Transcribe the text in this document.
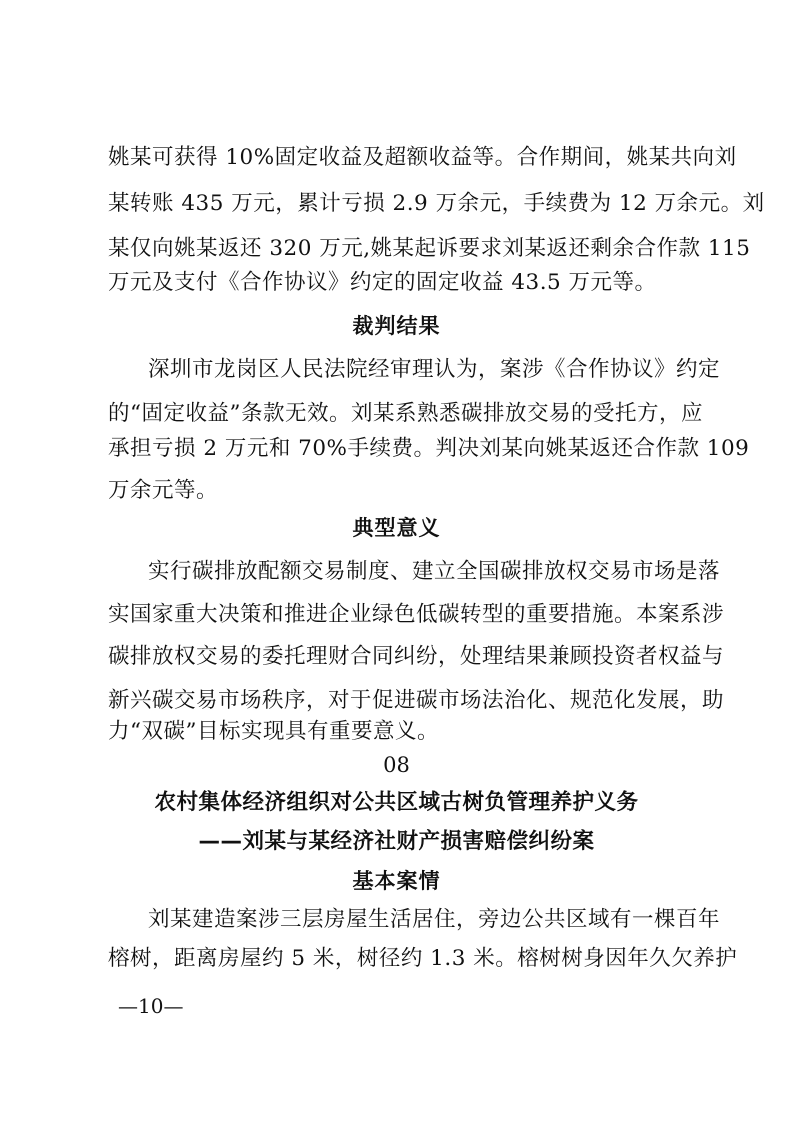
姚某可获得 10%固定收益及超额收益等。合作期间，姚某共向刘
某转账 435 万元，累计亏损 2.9 万余元，手续费为 12 万余元。刘
某仅向姚某返还 320 万元,姚某起诉要求刘某返还剩余合作款 115
万元及支付《合作协议》约定的固定收益 43.5 万元等。
裁判结果
深圳市龙岗区人民法院经审理认为，案涉《合作协议》约定
的“固定收益”条款无效。刘某系熟悉碳排放交易的受托方，应
承担亏损 2 万元和 70%手续费。判决刘某向姚某返还合作款 109
万余元等。
典型意义
实行碳排放配额交易制度、建立全国碳排放权交易市场是落
实国家重大决策和推进企业绿色低碳转型的重要措施。本案系涉
碳排放权交易的委托理财合同纠纷，处理结果兼顾投资者权益与
新兴碳交易市场秩序，对于促进碳市场法治化、规范化发展，助
力“双碳”目标实现具有重要意义。
08
农村集体经济组织对公共区域古树负管理养护义务
——刘某与某经济社财产损害赔偿纠纷案
基本案情
刘某建造案涉三层房屋生活居住，旁边公共区域有一棵百年
榕树，距离房屋约 5 米，树径约 1.3 米。榕树树身因年久欠养护
—10—
